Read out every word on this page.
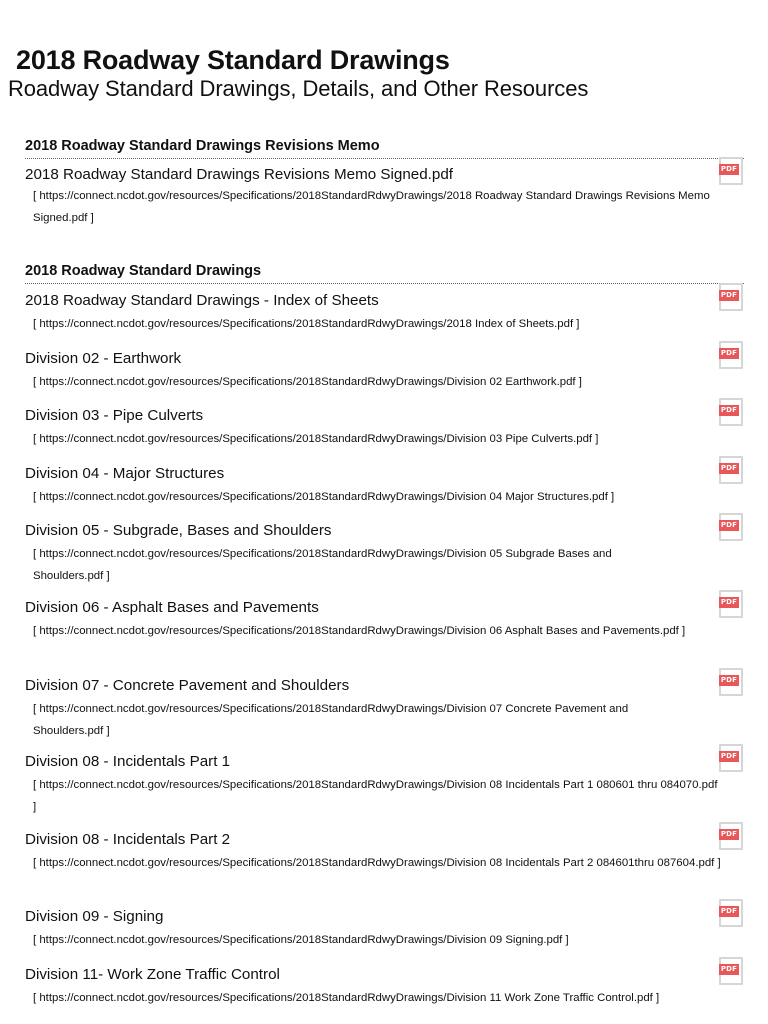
2018 Roadway Standard Drawings
Roadway Standard Drawings, Details, and Other Resources
2018 Roadway Standard Drawings Revisions Memo
2018 Roadway Standard Drawings Revisions Memo Signed.pdf
[ https://connect.ncdot.gov/resources/Specifications/2018StandardRdwyDrawings/2018 Roadway Standard Drawings Revisions Memo Signed.pdf ]
PDF
2018 Roadway Standard Drawings
2018 Roadway Standard Drawings - Index of Sheets
[ https://connect.ncdot.gov/resources/Specifications/2018StandardRdwyDrawings/2018 Index of Sheets.pdf ]
PDF
Division 02 - Earthwork
[ https://connect.ncdot.gov/resources/Specifications/2018StandardRdwyDrawings/Division 02 Earthwork.pdf ]
PDF
Division 03 - Pipe Culverts
[ https://connect.ncdot.gov/resources/Specifications/2018StandardRdwyDrawings/Division 03 Pipe Culverts.pdf ]
PDF
Division 04 - Major Structures
[ https://connect.ncdot.gov/resources/Specifications/2018StandardRdwyDrawings/Division 04 Major Structures.pdf ]
PDF
Division 05 - Subgrade, Bases and Shoulders
[ https://connect.ncdot.gov/resources/Specifications/2018StandardRdwyDrawings/Division 05 Subgrade Bases and Shoulders.pdf ]
PDF
Division 06 - Asphalt Bases and Pavements
[ https://connect.ncdot.gov/resources/Specifications/2018StandardRdwyDrawings/Division 06 Asphalt Bases and Pavements.pdf ]
PDF
Division 07 - Concrete Pavement and Shoulders
[ https://connect.ncdot.gov/resources/Specifications/2018StandardRdwyDrawings/Division 07 Concrete Pavement and Shoulders.pdf ]
PDF
Division 08 - Incidentals Part 1
[ https://connect.ncdot.gov/resources/Specifications/2018StandardRdwyDrawings/Division 08 Incidentals Part 1 080601 thru 084070.pdf ]
PDF
Division 08 - Incidentals Part 2
[ https://connect.ncdot.gov/resources/Specifications/2018StandardRdwyDrawings/Division 08 Incidentals Part 2 084601thru 087604.pdf ]
PDF
Division 09 - Signing
[ https://connect.ncdot.gov/resources/Specifications/2018StandardRdwyDrawings/Division 09 Signing.pdf ]
PDF
Division 11- Work Zone Traffic Control
[ https://connect.ncdot.gov/resources/Specifications/2018StandardRdwyDrawings/Division 11 Work Zone Traffic Control.pdf ]
PDF
